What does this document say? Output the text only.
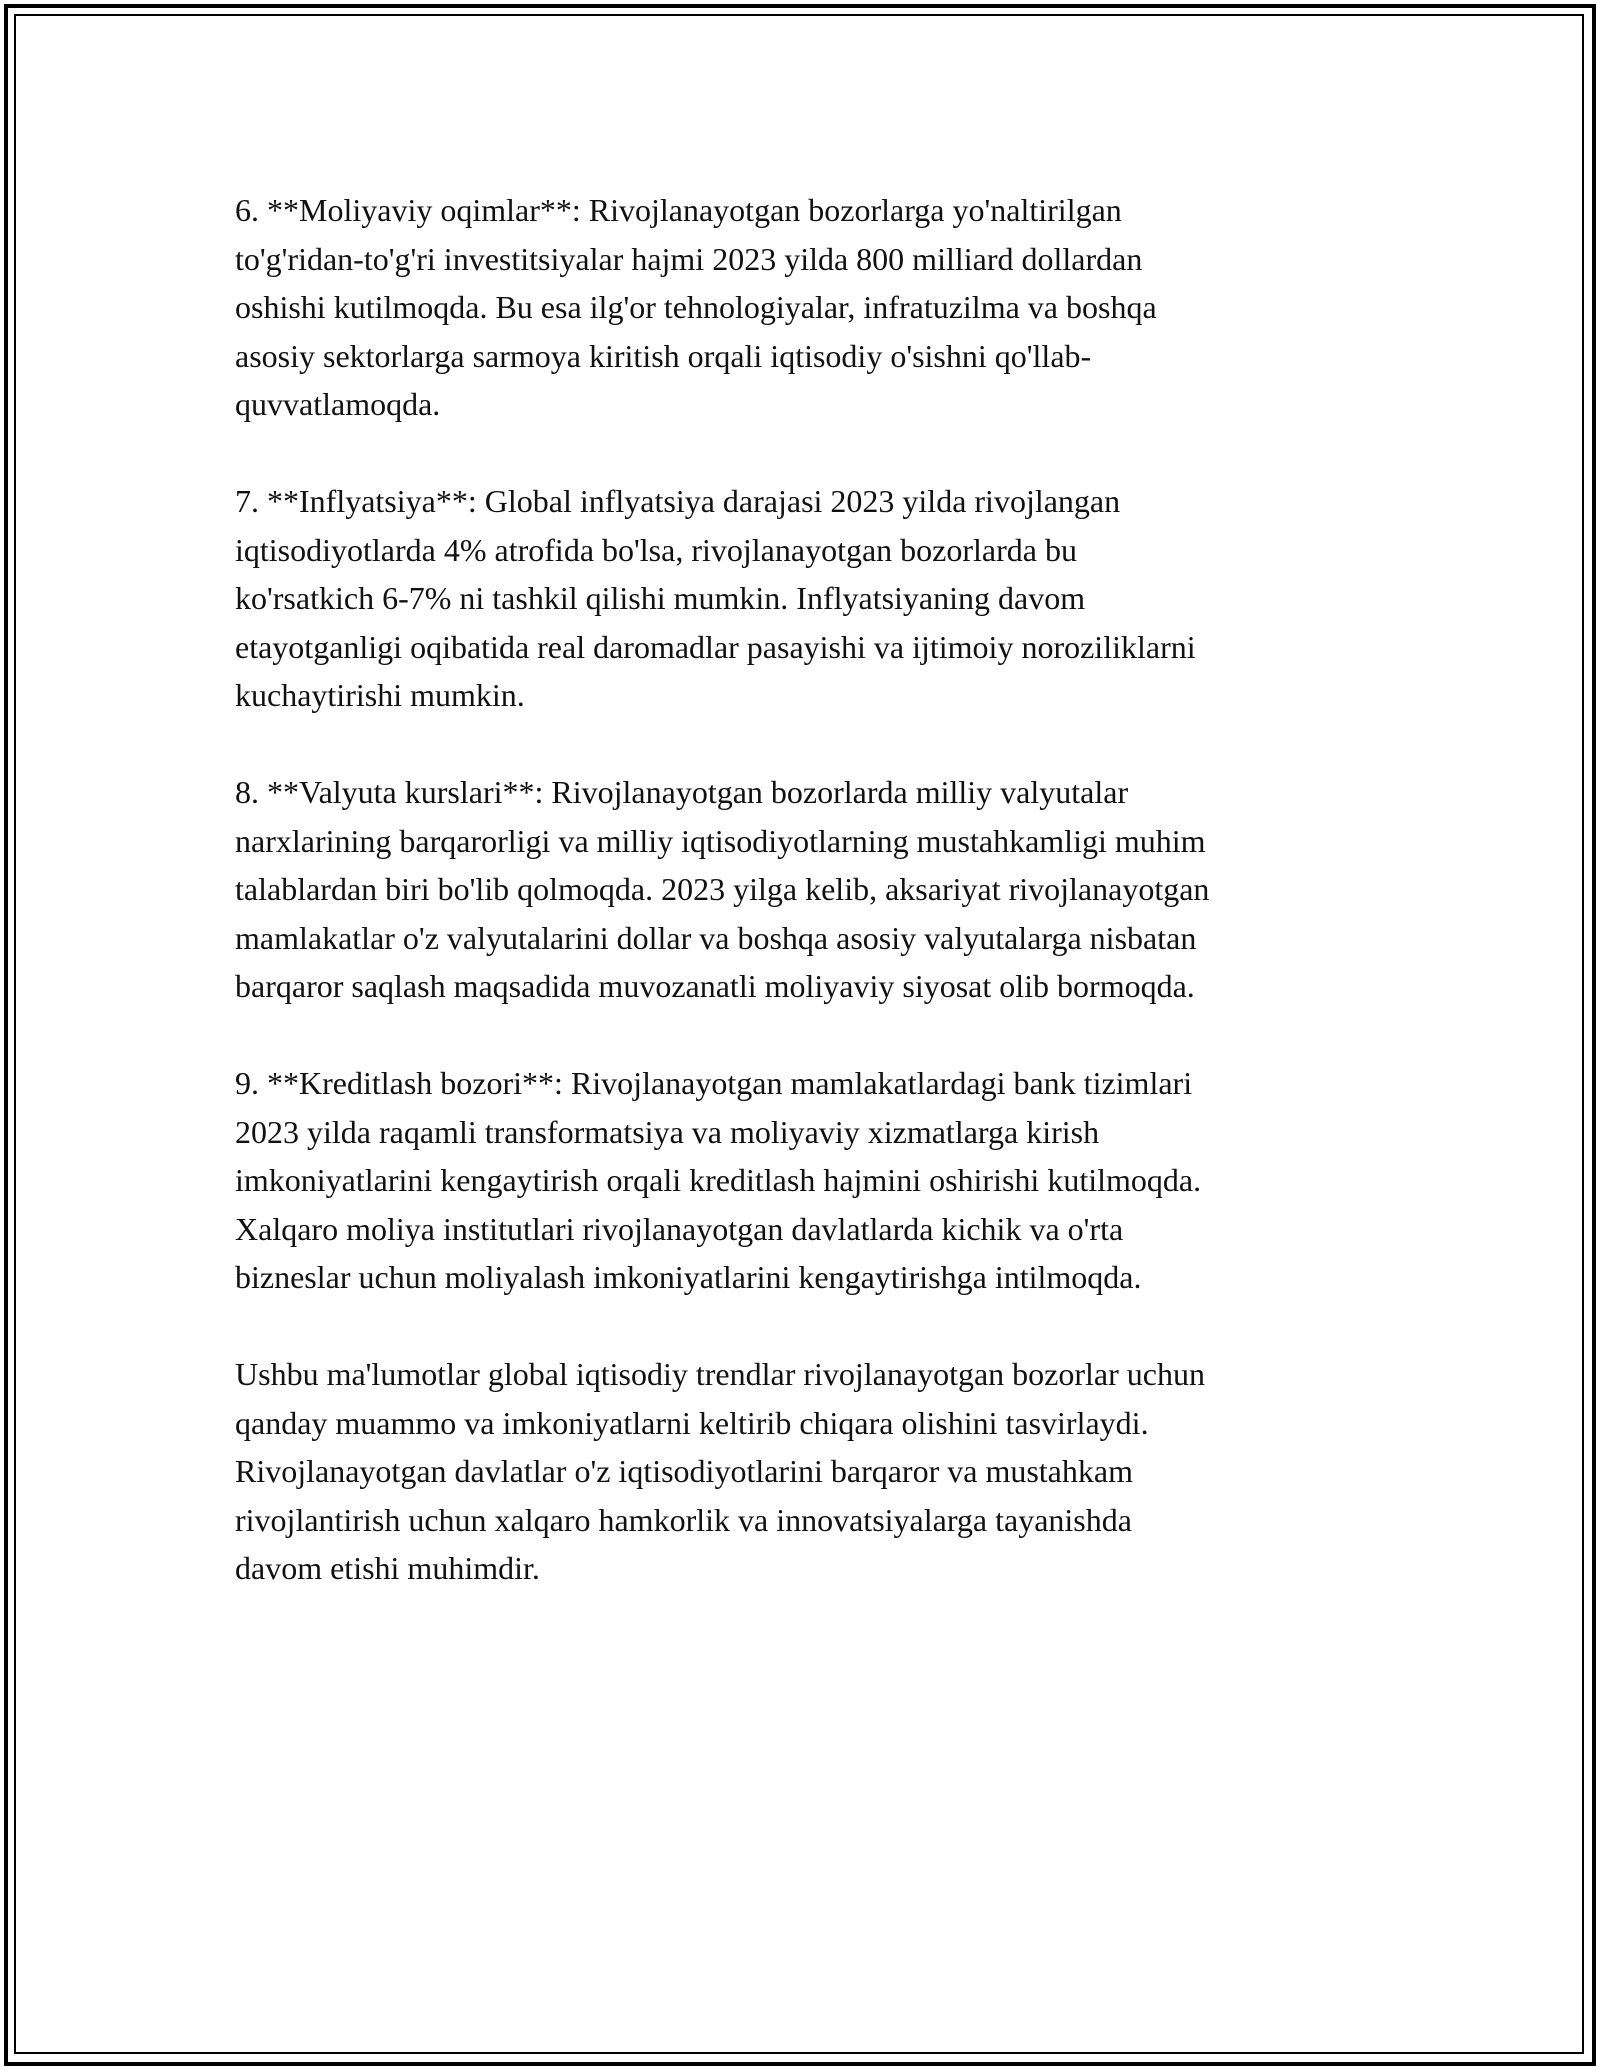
6. **Moliyaviy oqimlar**: Rivojlanayotgan bozorlarga yo'naltirilgan
to'g'ridan-to'g'ri investitsiyalar hajmi 2023 yilda 800 milliard dollardan
oshishi kutilmoqda. Bu esa ilg'or tehnologiyalar, infratuzilma va boshqa
asosiy sektorlarga sarmoya kiritish orqali iqtisodiy o'sishni qo'llab-
quvvatlamoqda.

7. **Inflyatsiya**: Global inflyatsiya darajasi 2023 yilda rivojlangan
iqtisodiyotlarda 4% atrofida bo'lsa, rivojlanayotgan bozorlarda bu
ko'rsatkich 6-7% ni tashkil qilishi mumkin. Inflyatsiyaning davom
etayotganligi oqibatida real daromadlar pasayishi va ijtimoiy noroziliklarni
kuchaytirishi mumkin.

8. **Valyuta kurslari**: Rivojlanayotgan bozorlarda milliy valyutalar
narxlarining barqarorligi va milliy iqtisodiyotlarning mustahkamligi muhim
talablardan biri bo'lib qolmoqda. 2023 yilga kelib, aksariyat rivojlanayotgan
mamlakatlar o'z valyutalarini dollar va boshqa asosiy valyutalarga nisbatan
barqaror saqlash maqsadida muvozanatli moliyaviy siyosat olib bormoqda.

9. **Kreditlash bozori**: Rivojlanayotgan mamlakatlardagi bank tizimlari
2023 yilda raqamli transformatsiya va moliyaviy xizmatlarga kirish
imkoniyatlarini kengaytirish orqali kreditlash hajmini oshirishi kutilmoqda.
Xalqaro moliya institutlari rivojlanayotgan davlatlarda kichik va o'rta
bizneslar uchun moliyalash imkoniyatlarini kengaytirishga intilmoqda.

Ushbu ma'lumotlar global iqtisodiy trendlar rivojlanayotgan bozorlar uchun
qanday muammo va imkoniyatlarni keltirib chiqara olishini tasvirlaydi.
Rivojlanayotgan davlatlar o'z iqtisodiyotlarini barqaror va mustahkam
rivojlantirish uchun xalqaro hamkorlik va innovatsiyalarga tayanishda
davom etishi muhimdir.
